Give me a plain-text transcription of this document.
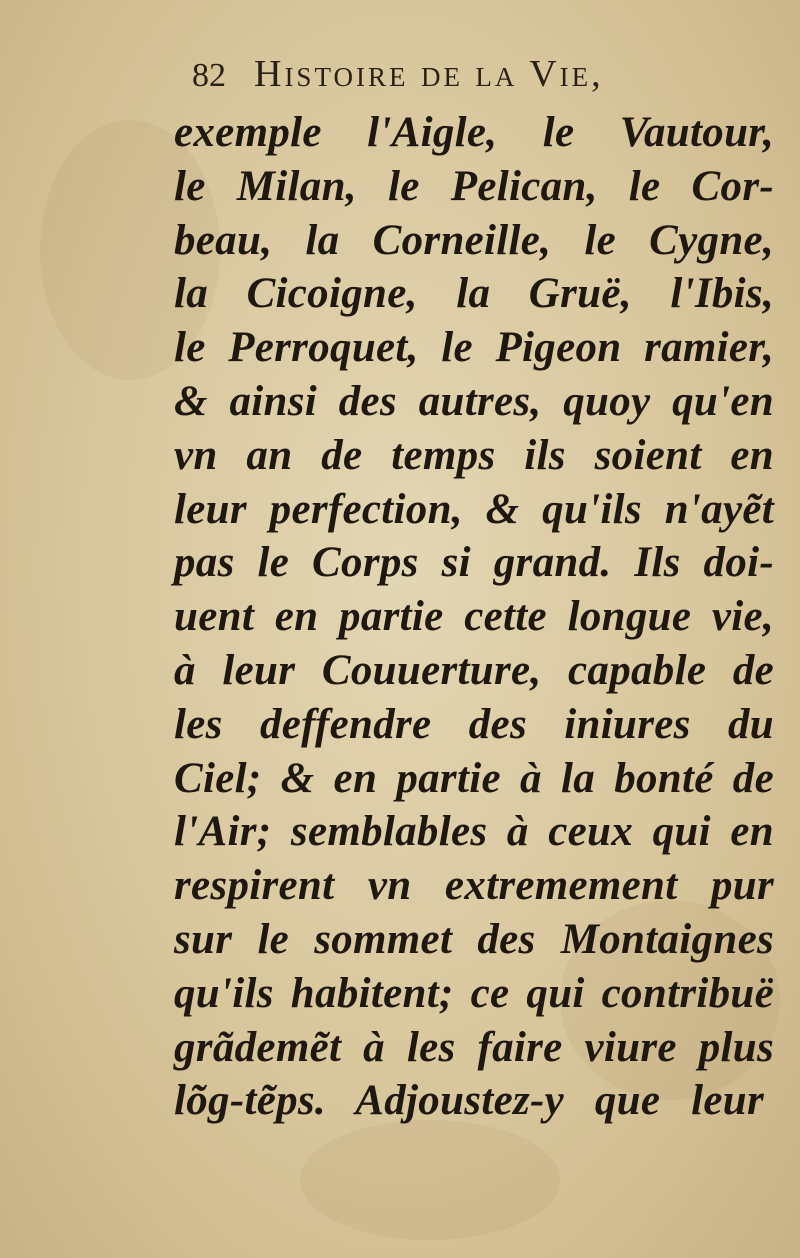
82 Histoire de la Vie,
exemple l'Aigle, le Vautour,
le Milan, le Pelican, le Cor-
beau, la Corneille, le Cygne,
la Cicoigne, la Gruë, l'Ibis,
le Perroquet, le Pigeon ramier,
& ainsi des autres, quoy qu'en
vn an de temps ils soient en
leur perfection, & qu'ils n'ayẽt
pas le Corps si grand. Ils doi-
uent en partie cette longue vie,
à leur Couuerture, capable de
les deffendre des iniures du
Ciel; & en partie à la bonté de
l'Air; semblables à ceux qui en
respirent vn extremement pur
sur le sommet des Montaignes
qu'ils habitent; ce qui contribuë
grãdemẽt à les faire viure plus
lõg-tẽps. Adjoustez-y que leur
